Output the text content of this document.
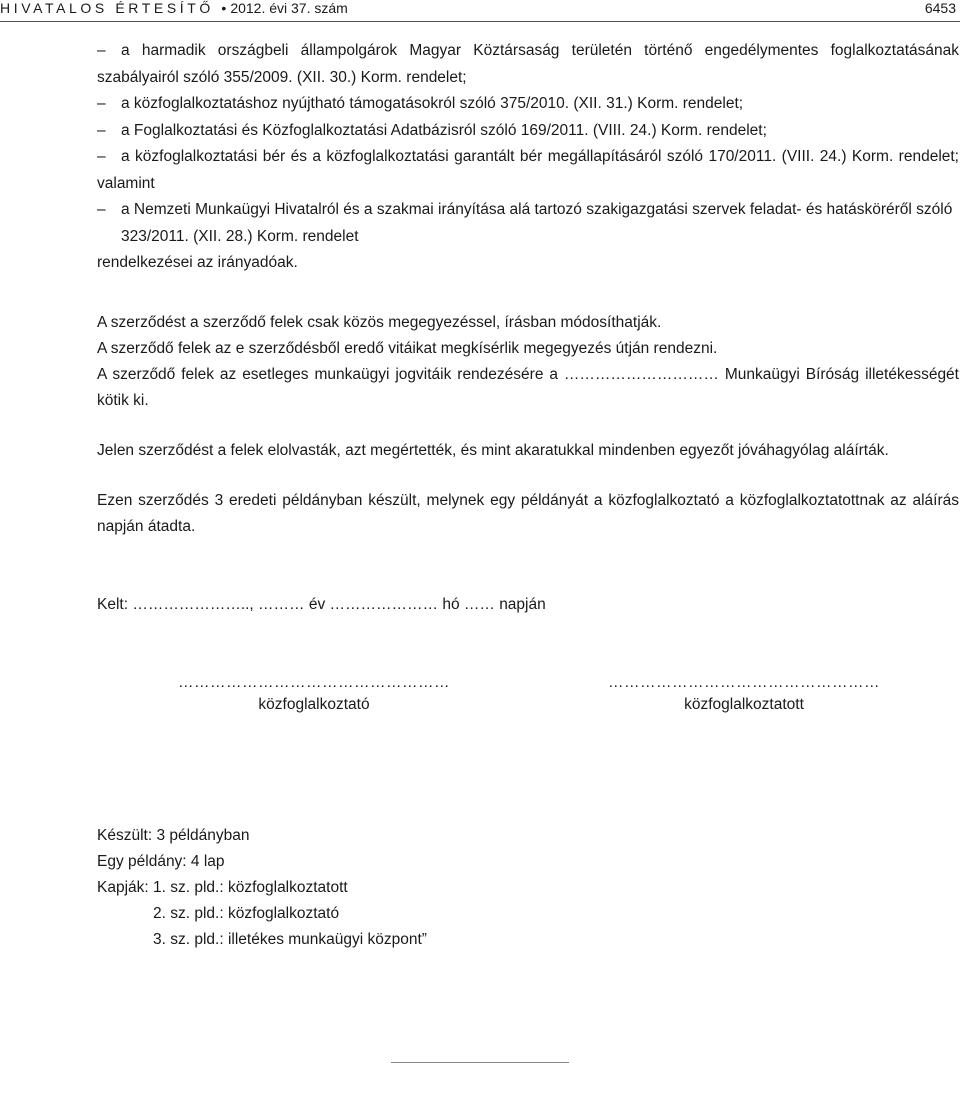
HIVATALOS ÉRTESÍTŐ • 2012. évi 37. szám	6453
– a harmadik országbeli állampolgárok Magyar Köztársaság területén történő engedélymentes foglalkoztatásának szabályairól szóló 355/2009. (XII. 30.) Korm. rendelet;
– a közfoglalkoztatáshoz nyújtható támogatásokról szóló 375/2010. (XII. 31.) Korm. rendelet;
– a Foglalkoztatási és Közfoglalkoztatási Adatbázisról szóló 169/2011. (VIII. 24.) Korm. rendelet;
– a közfoglalkoztatási bér és a közfoglalkoztatási garantált bér megállapításáról szóló 170/2011. (VIII. 24.) Korm. rendelet; valamint
– a Nemzeti Munkaügyi Hivatalról és a szakmai irányítása alá tartozó szakigazgatási szervek feladat- és hatásköréről szóló 323/2011. (XII. 28.) Korm. rendelet
rendelkezései az irányadóak.

A szerződést a szerződő felek csak közös megegyezéssel, írásban módosíthatják.

A szerződő felek az e szerződésből eredő vitáikat megkísérlik megegyezés útján rendezni.

A szerződő felek az esetleges munkaügyi jogvitáik rendezésére a ………………………… Munkaügyi Bíróság illetékességét kötik ki.

Jelen szerződést a felek elolvasták, azt megértették, és mint akaratukkal mindenben egyezőt jóváhagyólag aláírták.

Ezen szerződés 3 eredeti példányban készült, melynek egy példányát a közfoglalkoztató a közfoglalkoztatottnak az aláírás napján átadta.

Kelt: ………………….., ……… év ………………… hó …… napján

……………………………………………
közfoglalkoztató
……………………………………………
közfoglalkoztatott

Készült: 3 példányban

Egy példány: 4 lap

Kapják: 1. sz. pld.: közfoglalkoztatott

2. sz. pld.: közfoglalkoztató

3. sz. pld.: illetékes munkaügyi központ”
